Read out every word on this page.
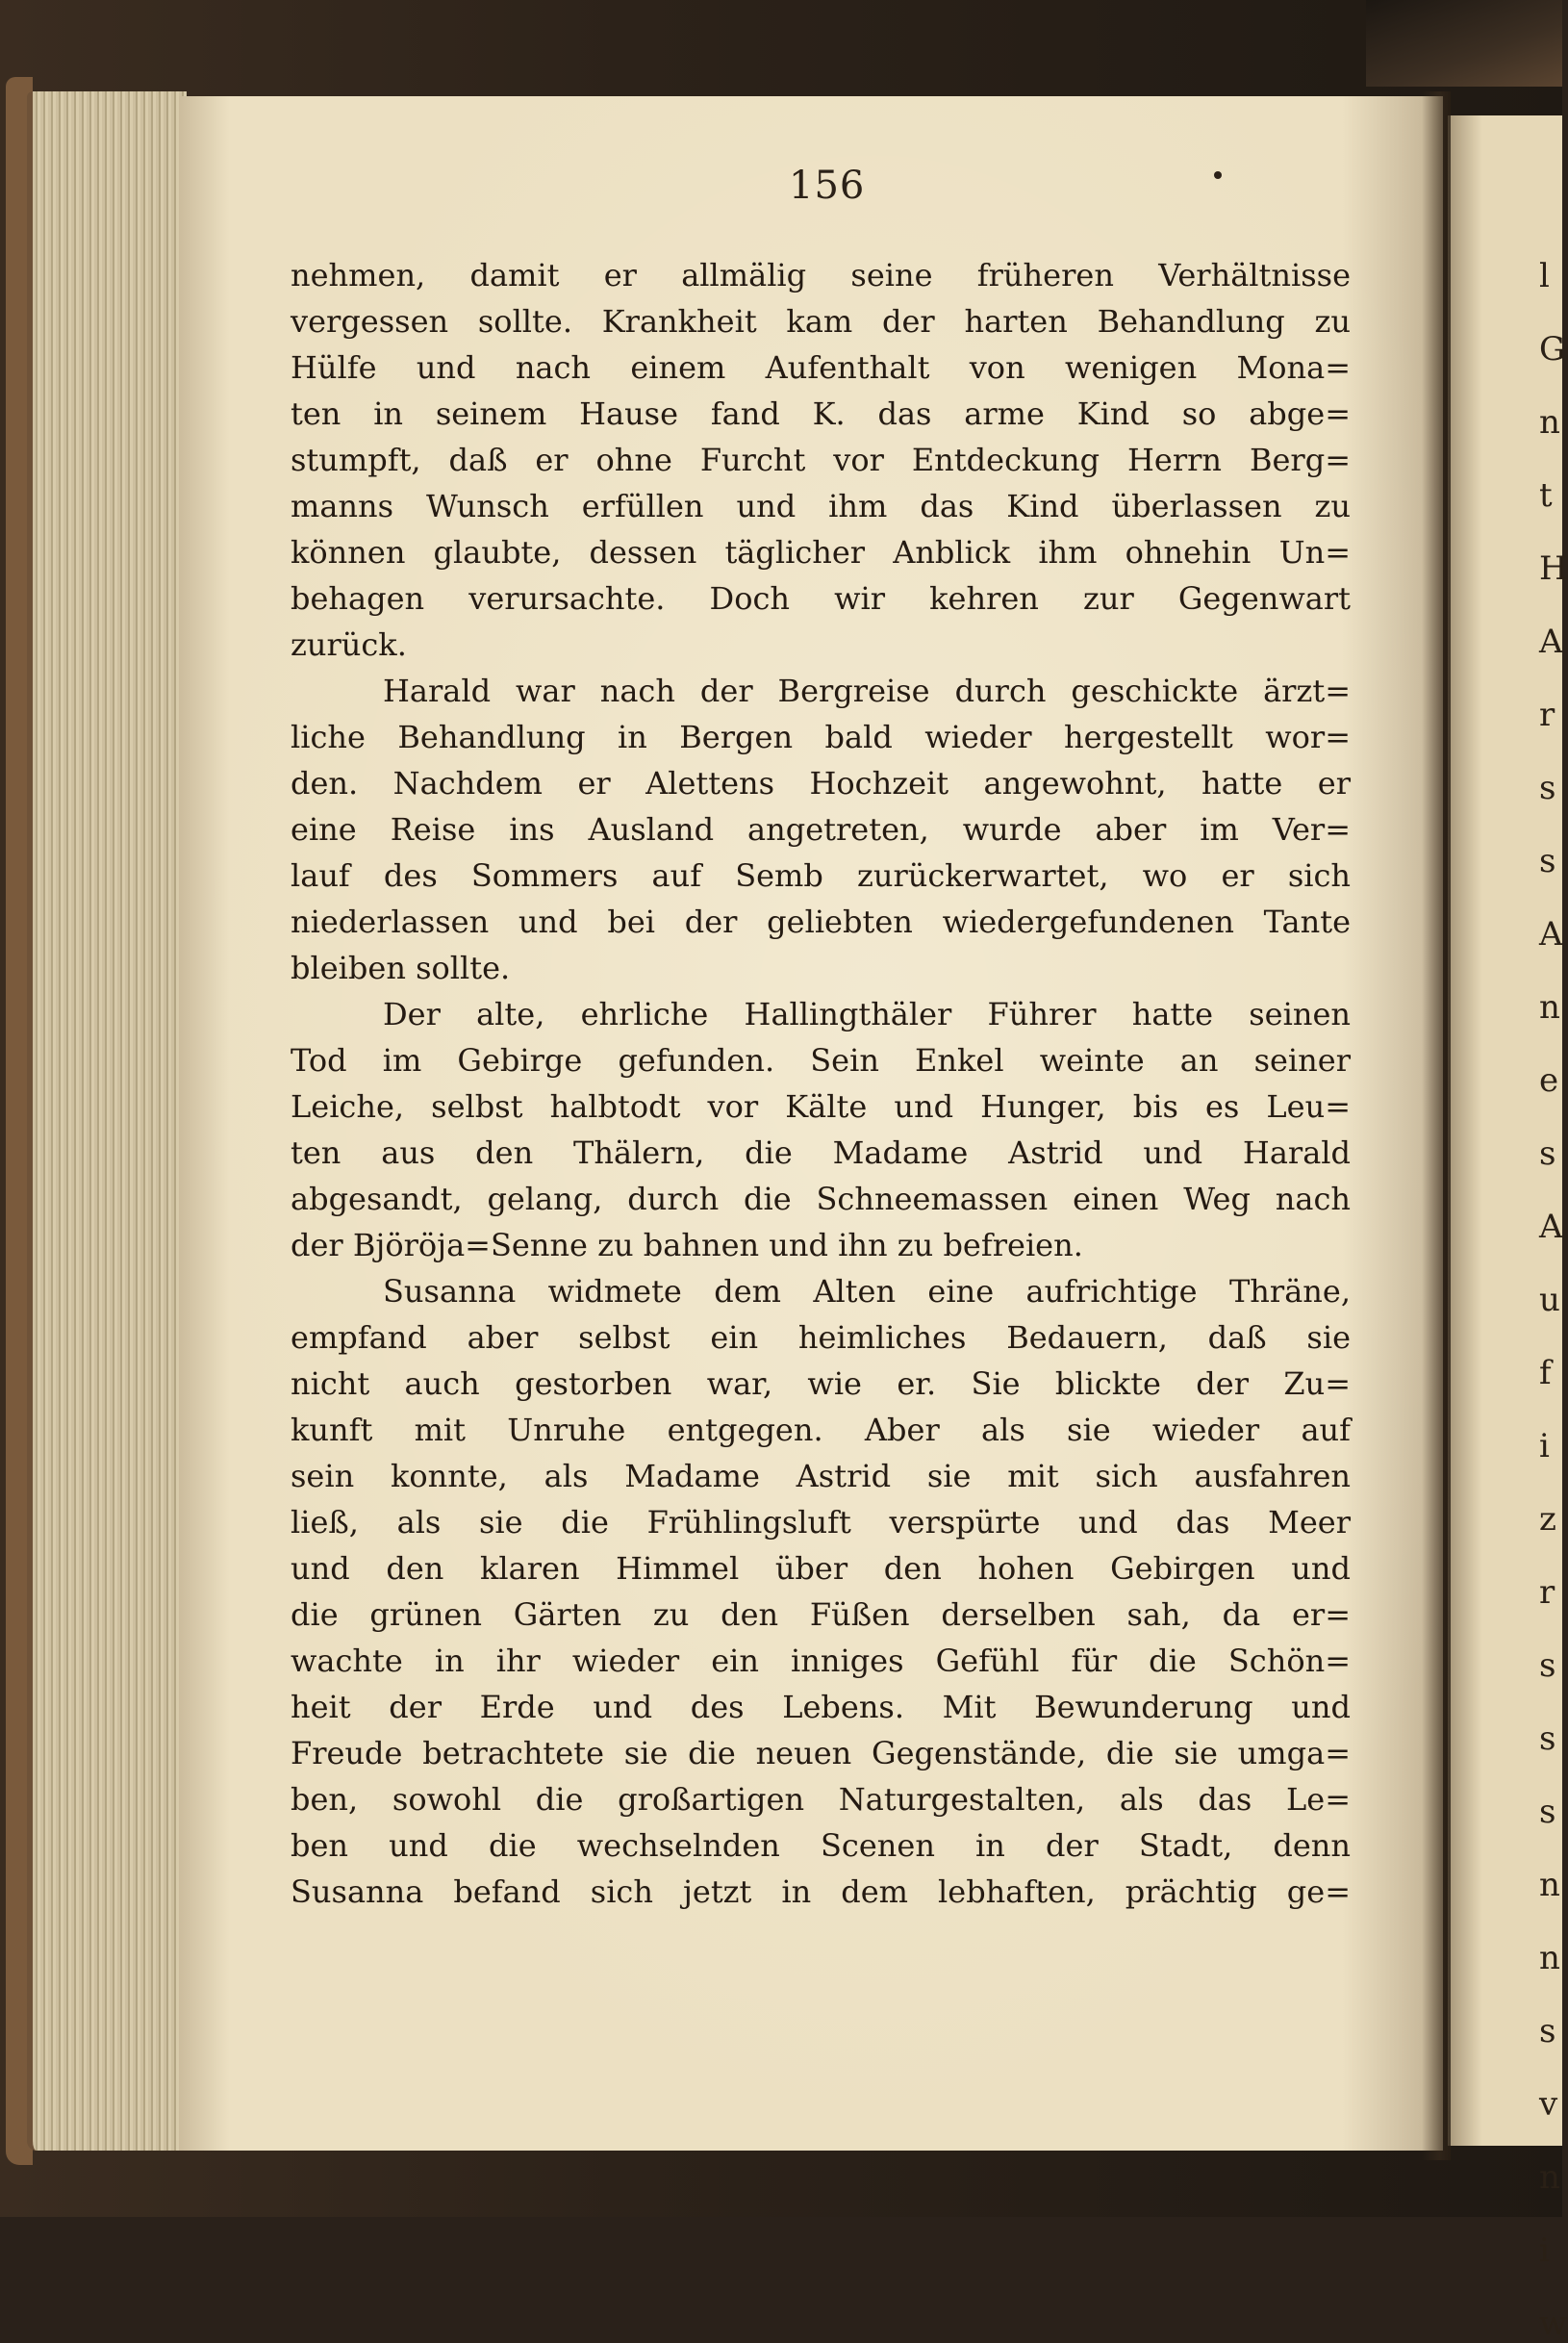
l
G
n
t
H
A
r
s
s
A
n
e
s
A
u
f
i
z
r
s
s
s
n
n
s
v
n
i
w
156
nehmen, damit er allmälig seine früheren Verhältnisse
vergessen sollte. Krankheit kam der harten Behandlung zu
Hülfe und nach einem Aufenthalt von wenigen Mona=
ten in seinem Hause fand K. das arme Kind so abge=
stumpft, daß er ohne Furcht vor Entdeckung Herrn Berg=
manns Wunsch erfüllen und ihm das Kind überlassen zu
können glaubte, dessen täglicher Anblick ihm ohnehin Un=
behagen verursachte. Doch wir kehren zur Gegenwart
zurück.
Harald war nach der Bergreise durch geschickte ärzt=
liche Behandlung in Bergen bald wieder hergestellt wor=
den. Nachdem er Alettens Hochzeit angewohnt, hatte er
eine Reise ins Ausland angetreten, wurde aber im Ver=
lauf des Sommers auf Semb zurückerwartet, wo er sich
niederlassen und bei der geliebten wiedergefundenen Tante
bleiben sollte.
Der alte, ehrliche Hallingthäler Führer hatte seinen
Tod im Gebirge gefunden. Sein Enkel weinte an seiner
Leiche, selbst halbtodt vor Kälte und Hunger, bis es Leu=
ten aus den Thälern, die Madame Astrid und Harald
abgesandt, gelang, durch die Schneemassen einen Weg nach
der Björöja=Senne zu bahnen und ihn zu befreien.
Susanna widmete dem Alten eine aufrichtige Thräne,
empfand aber selbst ein heimliches Bedauern, daß sie
nicht auch gestorben war, wie er. Sie blickte der Zu=
kunft mit Unruhe entgegen. Aber als sie wieder auf
sein konnte, als Madame Astrid sie mit sich ausfahren
ließ, als sie die Frühlingsluft verspürte und das Meer
und den klaren Himmel über den hohen Gebirgen und
die grünen Gärten zu den Füßen derselben sah, da er=
wachte in ihr wieder ein inniges Gefühl für die Schön=
heit der Erde und des Lebens. Mit Bewunderung und
Freude betrachtete sie die neuen Gegenstände, die sie umga=
ben, sowohl die großartigen Naturgestalten, als das Le=
ben und die wechselnden Scenen in der Stadt, denn
Susanna befand sich jetzt in dem lebhaften, prächtig ge=
